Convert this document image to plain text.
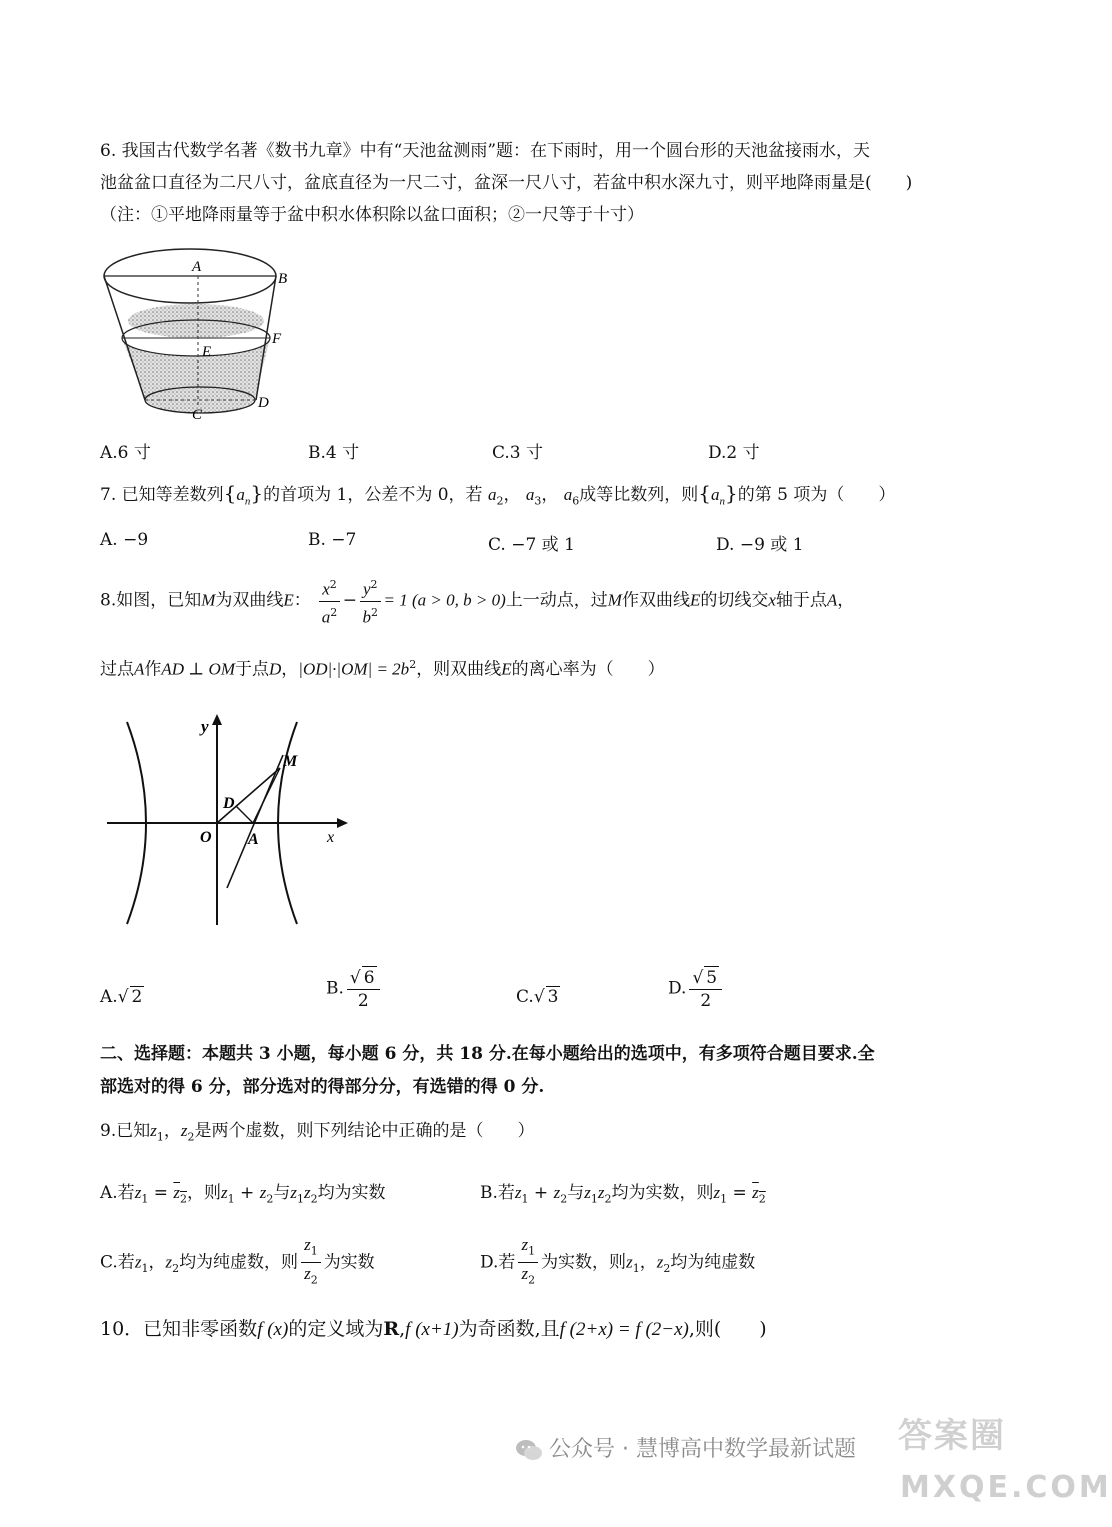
6. 我国古代数学名著《数书九章》中有“天池盆测雨”题：在下雨时，用一个圆台形的天池盆接雨水，天
池盆盆口直径为二尺八寸，盆底直径为一尺二寸，盆深一尺八寸，若盆中积水深九寸，则平地降雨量是(　　)
（注：①平地降雨量等于盆中积水体积除以盆口面积；②一尺等于十寸）
A
B
E
F
C
D
A.6 寸	B.4 寸	C.3 寸	D.2 寸
7. 已知等差数列$\{a_n\}$的首项为 1，公差不为 0，若 $a_2$， $a_3$， $a_6$成等比数列，则$\{a_n\}$的第 5 项为（　　）
A. −9	B. −7	C. −7 或 1	D. −9 或 1
8.如图，已知M为双曲线E： $\frac{x^2}{a^2} - \frac{y^2}{b^2} = 1$ (a > 0, b > 0)上一动点，过M作双曲线E的切线交x轴于点A，
过点A作AD ⊥ OM于点D，$|OD|\cdot|OM| = 2b^2$，则双曲线E的离心率为（　　）
y
M
D
O A	x
A.√ 2	B. $\frac{√ 6}{2}$	C.√ 3	D. $\frac{√ 5}{2}$
二、选择题：本题共 3 小题，每小题 6 分，共 18 分.在每小题给出的选项中，有多项符合题目要求.全
部选对的得 6 分，部分选对的得部分分，有选错的得 0 分.
9.已知$z_1$，$z_2$是两个虚数，则下列结论中正确的是（　　）
A.若$z_1 = z_2$，则$z_1 + z_2$与$z_1z_2$均为实数	B.若$z_1 + z_2$与$z_1z_2$均为实数，则$z_1 = z_2$
C.若$z_1$，$z_2$均为纯虚数，则 $\frac{z_1}{z_2}$ 为实数	D.若 $\frac{z_1}{z_2}$ 为实数，则$z_1$，$z_2$均为纯虚数
10．已知非零函数f (x)的定义域为R,f (x+1)为奇函数,且f (2+x) = f (2−x),则(　　)
公众号 · 慧博高中数学最新试题 答案圈
MXQE.COM
